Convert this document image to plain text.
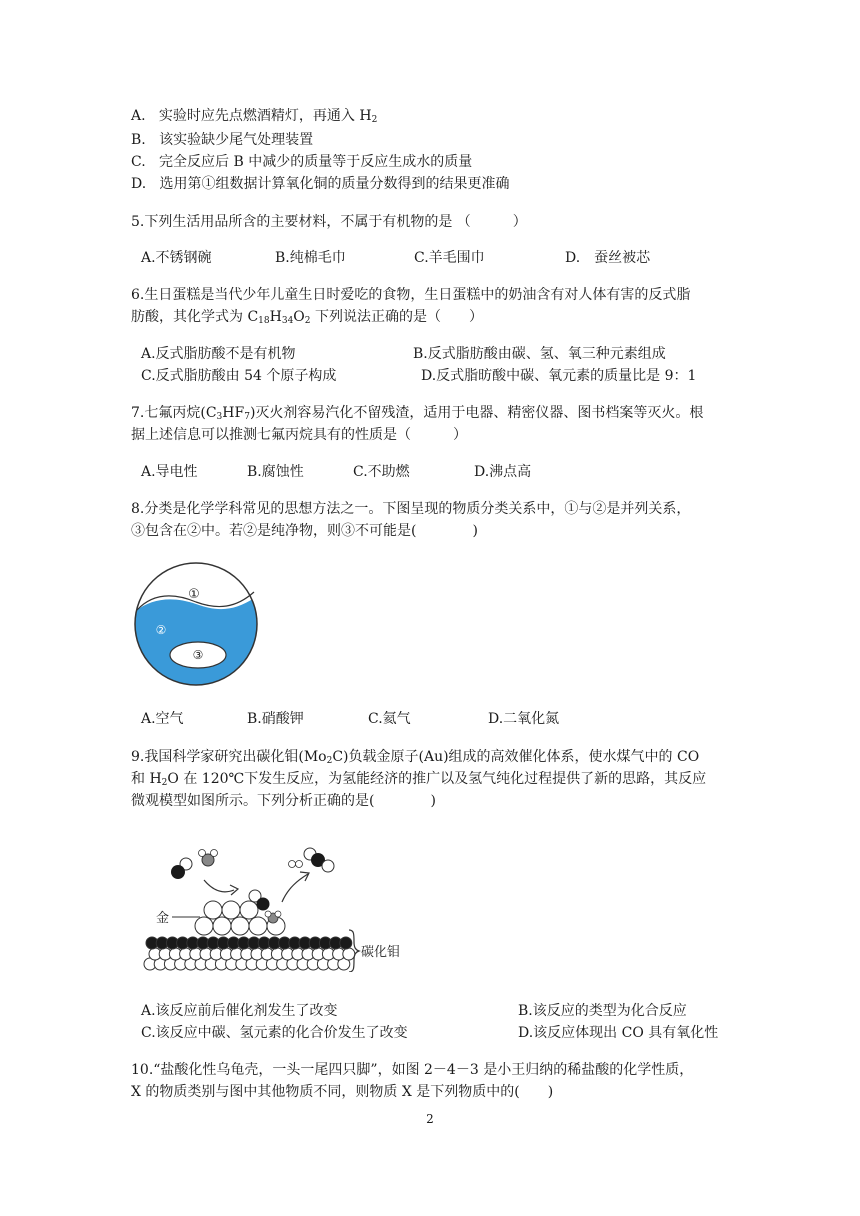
A. 实验时应先点燃酒精灯，再通入 $H_2$
B. 该实验缺少尾气处理装置
C. 完全反应后 B 中减少的质量等于反应生成水的质量
D. 选用第①组数据计算氧化铜的质量分数得到的结果更准确
5.下列生活用品所含的主要材料，不属于有机物的是 （　　　）
A.不锈钢碗	B.纯棉毛巾	C.羊毛围巾	D.　蚕丝被芯
6.生日蛋糕是当代少年儿童生日时爱吃的食物，生日蛋糕中的奶油含有对人体有害的反式脂
肪酸，其化学式为 $C_{18}H_{34}O_2$ 下列说法正确的是（　　）
A.反式脂肪酸不是有机物	B.反式脂肪酸由碳、氢、氧三种元素组成
C.反式脂肪酸由 54 个原子构成	D.反式脂昉酸中碳、氧元素的质量比是 9：1
7.七氟丙烷$(C_3HF_7)$灭火剂容易汽化不留残渣，适用于电器、精密仪器、图书档案等灭火。根
据上述信息可以推测七氟丙烷具有的性质是（　　　）
A.导电性	B.腐蚀性	C.不助燃	D.沸点高
8.分类是化学学科常见的思想方法之一。下图呈现的物质分类关系中，①与②是并列关系，
③包含在②中。若②是纯净物，则③不可能是(　　　　)
①
②
③
A.空气	B.硝酸钾	C.氦气	D.二氧化氮
9.我国科学家研究出碳化钼$(Mo_2C)$负载金原子(Au)组成的高效催化体系，使水煤气中的 CO
和 $H_2O$ 在 120℃下发生反应，为氢能经济的推广以及氢气纯化过程提供了新的思路，其反应
微观模型如图所示。下列分析正确的是(　　　　)
金
碳化钼
A.该反应前后催化剂发生了改变	B.该反应的类型为化合反应
C.该反应中碳、氢元素的化合价发生了改变	D.该反应体现出 CO 具有氧化性
10.“盐酸化性乌龟壳，一头一尾四只脚”，如图 2－4－3 是小王归纳的稀盐酸的化学性质，
X 的物质类别与图中其他物质不同，则物质 X 是下列物质中的(　　)
2
